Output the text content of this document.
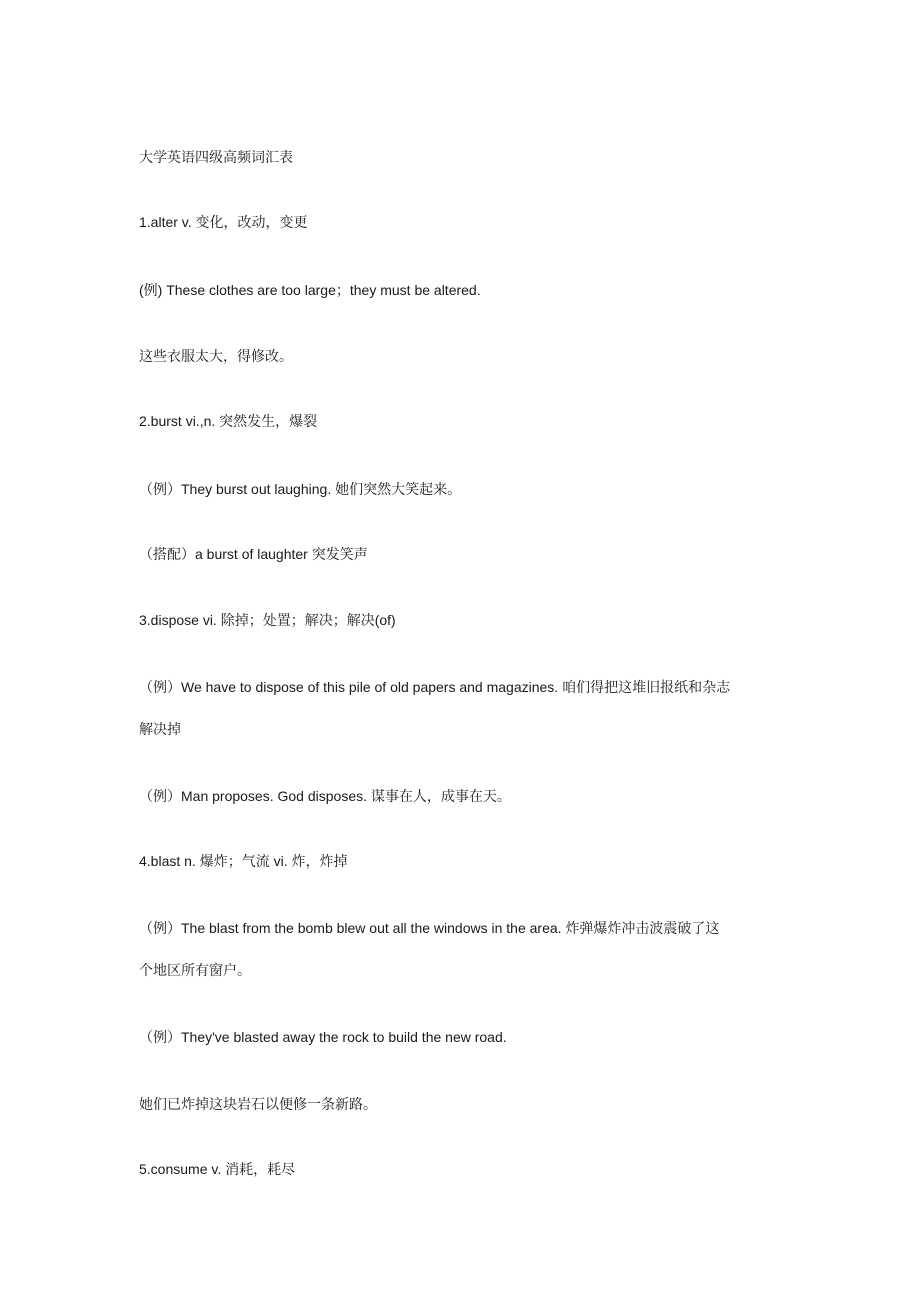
大学英语四级高频词汇表
1.alter v. 变化，改动，变更
(例) These clothes are too large；they must be altered.
这些衣服太大，得修改。
2.burst vi.,n. 突然发生，爆裂
（例）They burst out laughing. 她们突然大笑起来。
（搭配）a burst of laughter 突发笑声
3.dispose vi. 除掉；处置；解决；解决(of)
（例）We have to dispose of this pile of old papers and magazines. 咱们得把这堆旧报纸和杂志
解决掉
（例）Man proposes. God disposes. 谋事在人，成事在天。
4.blast n. 爆炸；气流 vi. 炸，炸掉
（例）The blast from the bomb blew out all the windows in the area. 炸弹爆炸冲击波震破了这
个地区所有窗户。
（例）They've blasted away the rock to build the new road.
她们已炸掉这块岩石以便修一条新路。
5.consume v. 消耗，耗尽
